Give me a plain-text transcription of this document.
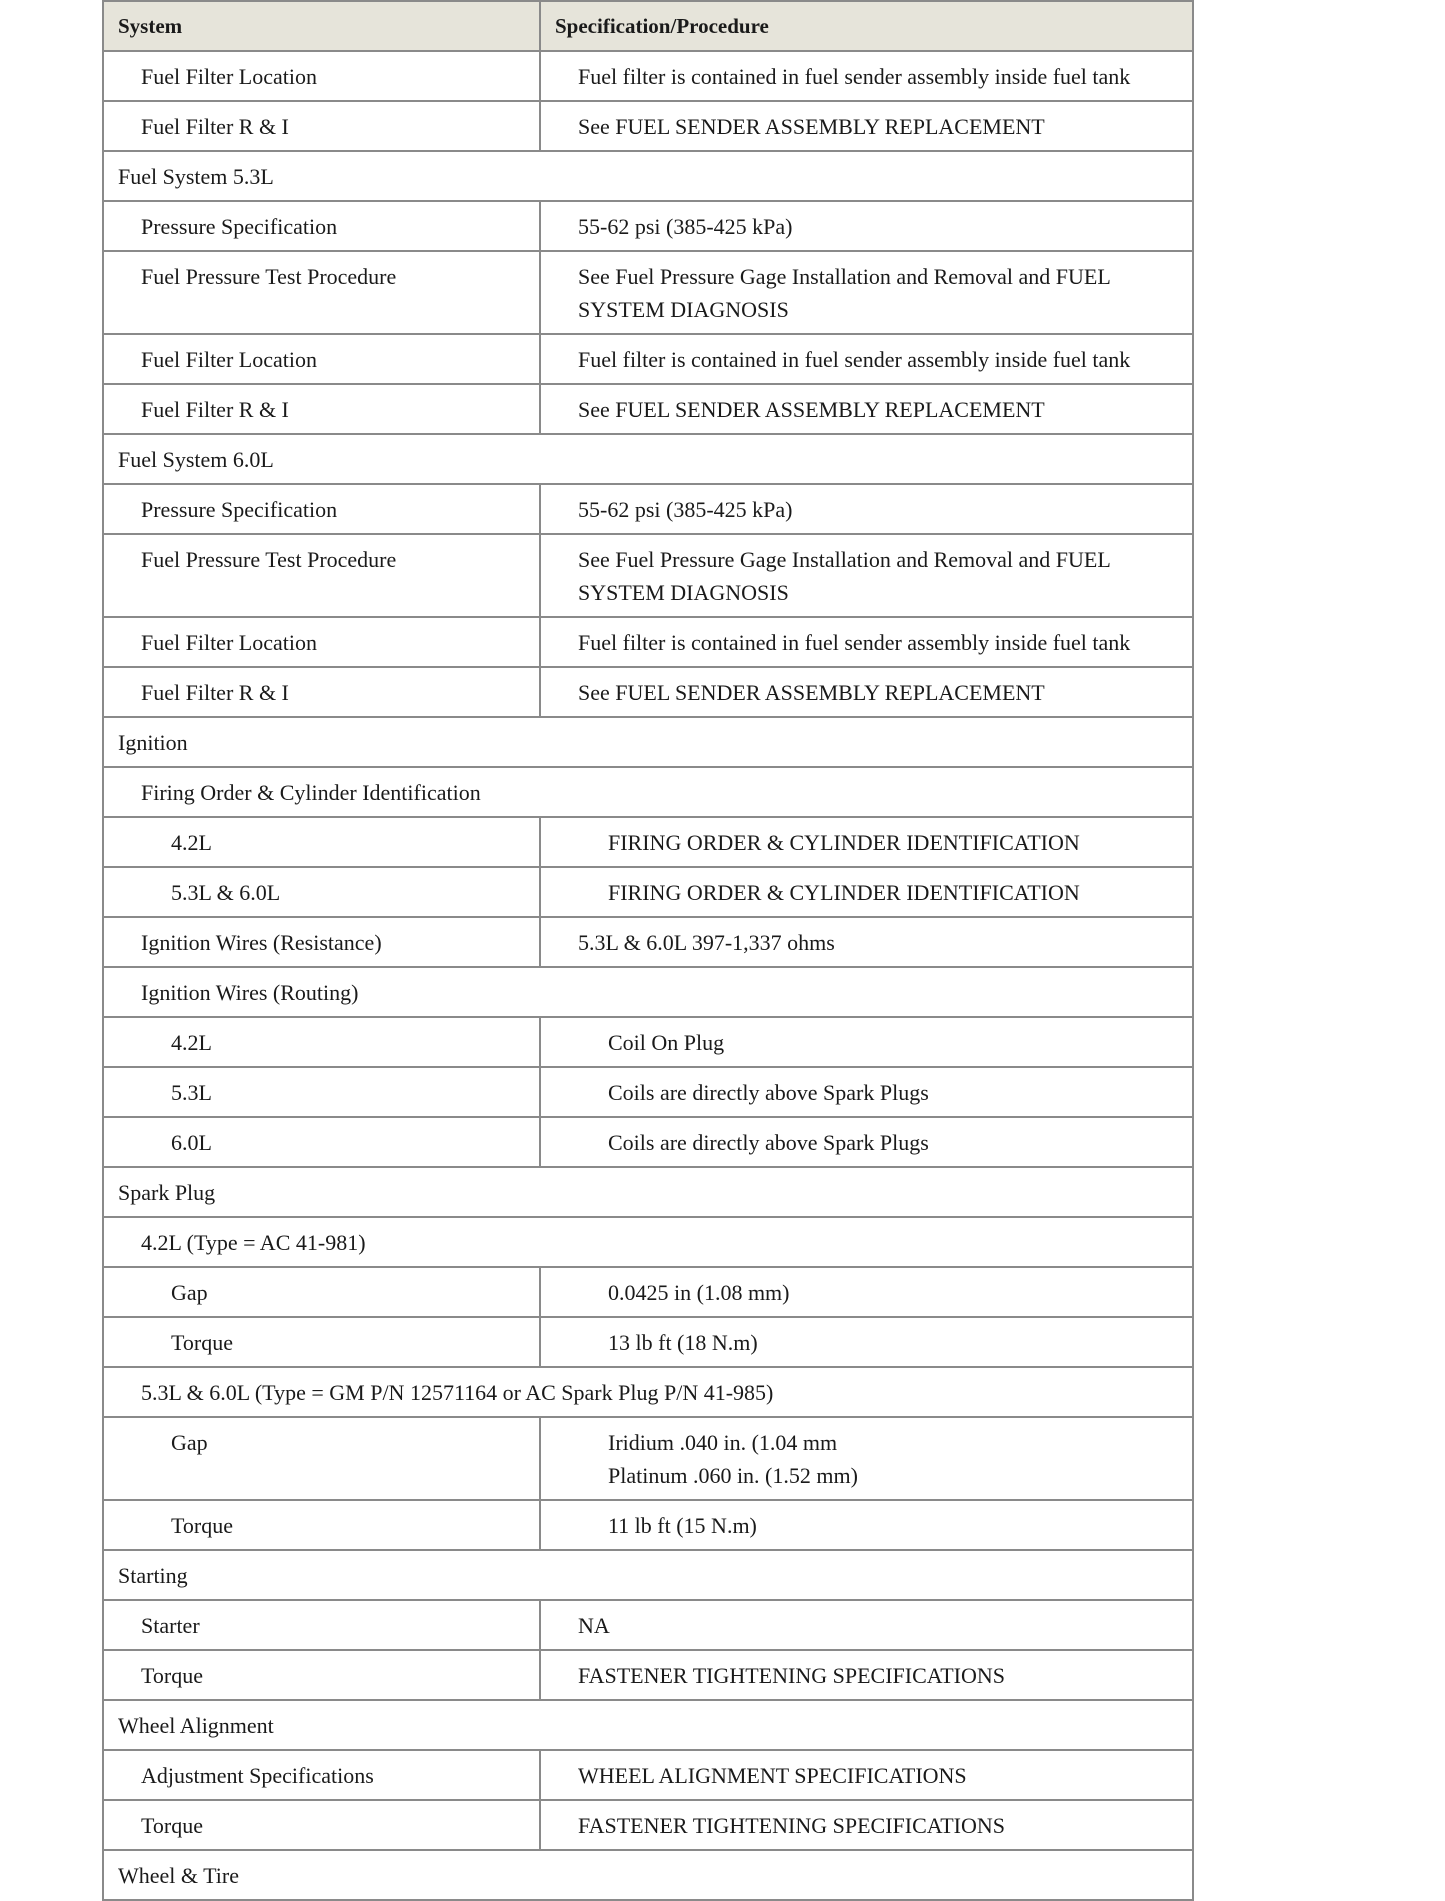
System	Specification/Procedure
Fuel Filter Location	Fuel filter is contained in fuel sender assembly inside fuel tank
Fuel Filter R & I	See FUEL SENDER ASSEMBLY REPLACEMENT
Fuel System 5.3L	
Pressure Specification	55-62 psi (385-425 kPa)
Fuel Pressure Test Procedure	See Fuel Pressure Gage Installation and Removal and FUEL
SYSTEM DIAGNOSIS

Fuel Filter Location	Fuel filter is contained in fuel sender assembly inside fuel tank
Fuel Filter R & I	See FUEL SENDER ASSEMBLY REPLACEMENT
Fuel System 6.0L	
Pressure Specification	55-62 psi (385-425 kPa)
Fuel Pressure Test Procedure	See Fuel Pressure Gage Installation and Removal and FUEL
SYSTEM DIAGNOSIS

Fuel Filter Location	Fuel filter is contained in fuel sender assembly inside fuel tank
Fuel Filter R & I	See FUEL SENDER ASSEMBLY REPLACEMENT
Ignition	
Firing Order & Cylinder Identification	
4.2L	FIRING ORDER & CYLINDER IDENTIFICATION
5.3L & 6.0L	FIRING ORDER & CYLINDER IDENTIFICATION
Ignition Wires (Resistance)	5.3L & 6.0L 397-1,337 ohms
Ignition Wires (Routing)	
4.2L	Coil On Plug
5.3L	Coils are directly above Spark Plugs
6.0L	Coils are directly above Spark Plugs
Spark Plug	
4.2L (Type = AC 41-981)	
Gap	0.0425 in (1.08 mm)
Torque	13 lb ft (18 N.m)
5.3L & 6.0L (Type = GM P/N 12571164 or AC Spark Plug P/N 41-985)	
Gap	Iridium .040 in. (1.04 mm
Platinum .060 in. (1.52 mm)

Torque	11 lb ft (15 N.m)
Starting	
Starter	NA
Torque	FASTENER TIGHTENING SPECIFICATIONS
Wheel Alignment	
Adjustment Specifications	WHEEL ALIGNMENT SPECIFICATIONS
Torque	FASTENER TIGHTENING SPECIFICATIONS
Wheel & Tire	
